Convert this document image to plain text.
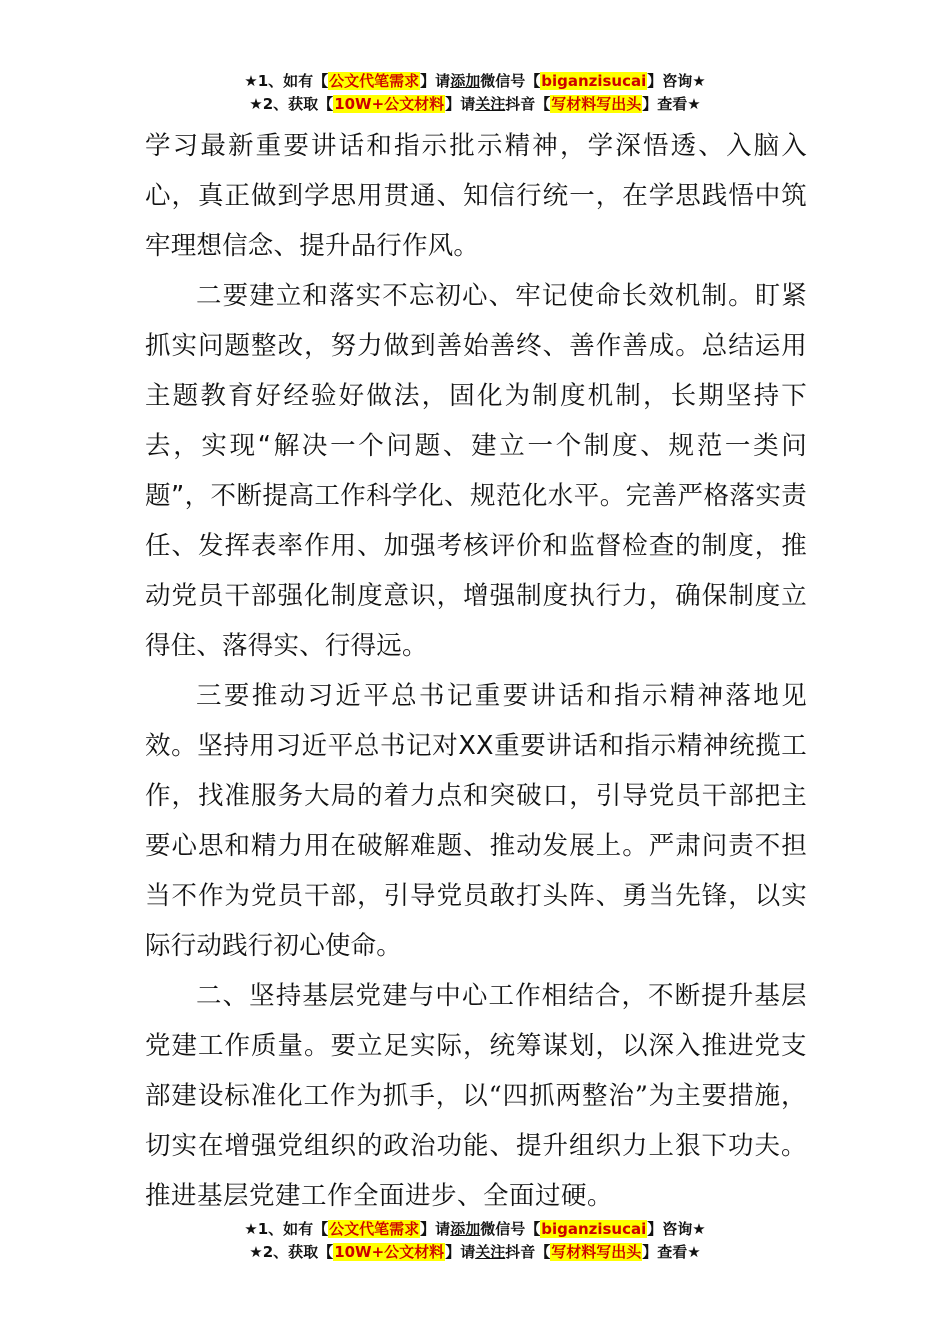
★1、如有【公文代笔需求】请添加微信号【biganzisucai】咨询★
★2、获取【10W+公文材料】请关注抖音【写材料写出头】查看★

学习最新重要讲话和指示批示精神，学深悟透、入脑入心，真正做到学思用贯通、知信行统一，在学思践悟中筑牢理想信念、提升品行作风。

二要建立和落实不忘初心、牢记使命长效机制。盯紧抓实问题整改，努力做到善始善终、善作善成。总结运用主题教育好经验好做法，固化为制度机制，长期坚持下去，实现“解决一个问题、建立一个制度、规范一类问题”，不断提高工作科学化、规范化水平。完善严格落实责任、发挥表率作用、加强考核评价和监督检查的制度，推动党员干部强化制度意识，增强制度执行力，确保制度立得住、落得实、行得远。

三要推动习近平总书记重要讲话和指示精神落地见效。坚持用习近平总书记对XX重要讲话和指示精神统揽工作，找准服务大局的着力点和突破口，引导党员干部把主要心思和精力用在破解难题、推动发展上。严肃问责不担当不作为党员干部，引导党员敢打头阵、勇当先锋，以实际行动践行初心使命。

二、坚持基层党建与中心工作相结合，不断提升基层党建工作质量。要立足实际，统筹谋划，以深入推进党支部建设标准化工作为抓手，以“四抓两整治”为主要措施，切实在增强党组织的政治功能、提升组织力上狠下功夫。推进基层党建工作全面进步、全面过硬。

★1、如有【公文代笔需求】请添加微信号【biganzisucai】咨询★
★2、获取【10W+公文材料】请关注抖音【写材料写出头】查看★
